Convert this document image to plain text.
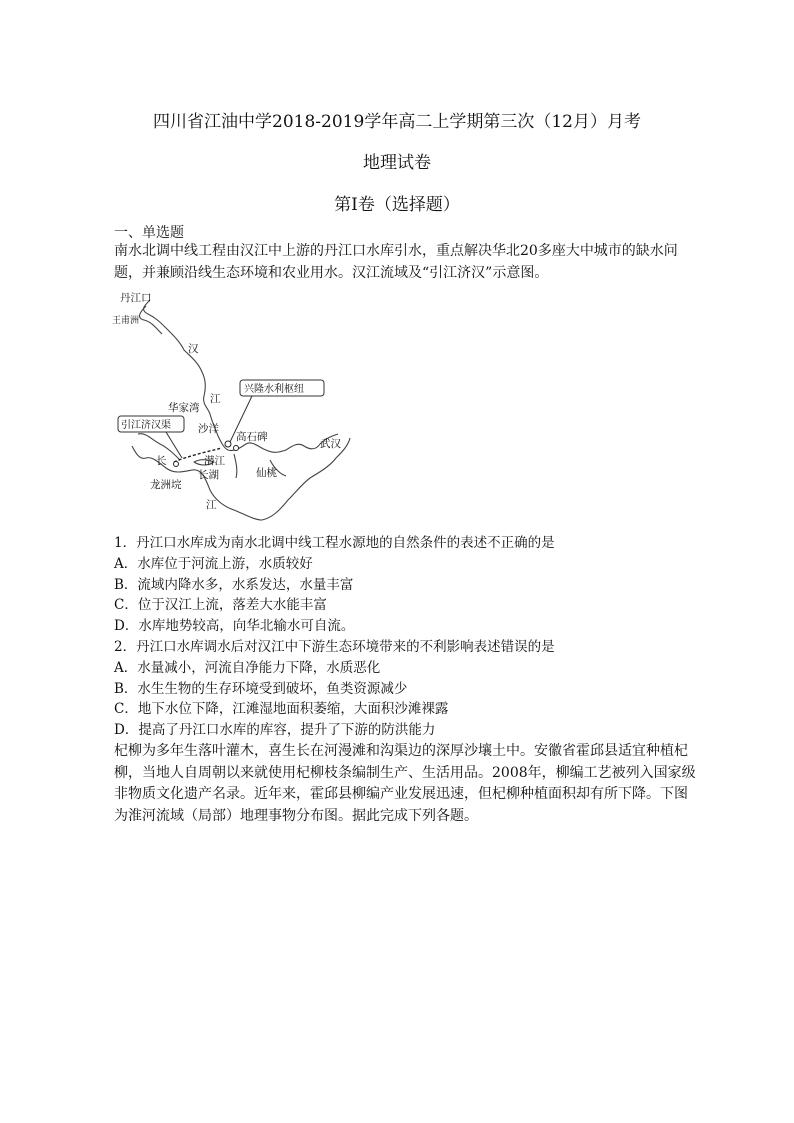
四川省江油中学2018-2019学年高二上学期第三次（12月）月考
地理试卷
第Ⅰ卷（选择题）
一、单选题

南水北调中线工程由汉江中上游的丹江口水库引水，重点解决华北20多座大中城市的缺水问题，并兼顾沿线生态环境和农业用水。汉江流域及“引江济汉”示意图。

丹江口
王甫洲
汉
江
华家湾
沙洋
兴隆水利枢纽
引江济汉渠
高石碑
武汉
潜江
长
长湖	仙桃
龙洲垸
江
1．丹江口水库成为南水北调中线工程水源地的自然条件的表述不正确的是
A．水库位于河流上游，水质较好
B．流域内降水多，水系发达，水量丰富
C．位于汉江上流，落差大水能丰富
D．水库地势较高，向华北输水可自流。
2．丹江口水库调水后对汉江中下游生态环境带来的不利影响表述错误的是
A．水量减小，河流自净能力下降，水质恶化
B．水生生物的生存环境受到破坏，鱼类资源减少
C．地下水位下降，江滩湿地面积萎缩，大面积沙滩裸露
D．提高了丹江口水库的库容，提升了下游的防洪能力

杞柳为多年生落叶灌木，喜生长在河漫滩和沟渠边的深厚沙壤土中。安徽省霍邱县适宜种植杞柳，当地人自周朝以来就使用杞柳枝条编制生产、生活用品。2008年，柳编工艺被列入国家级非物质文化遗产名录。近年来，霍邱县柳编产业发展迅速，但杞柳种植面积却有所下降。下图为淮河流域（局部）地理事物分布图。据此完成下列各题。
